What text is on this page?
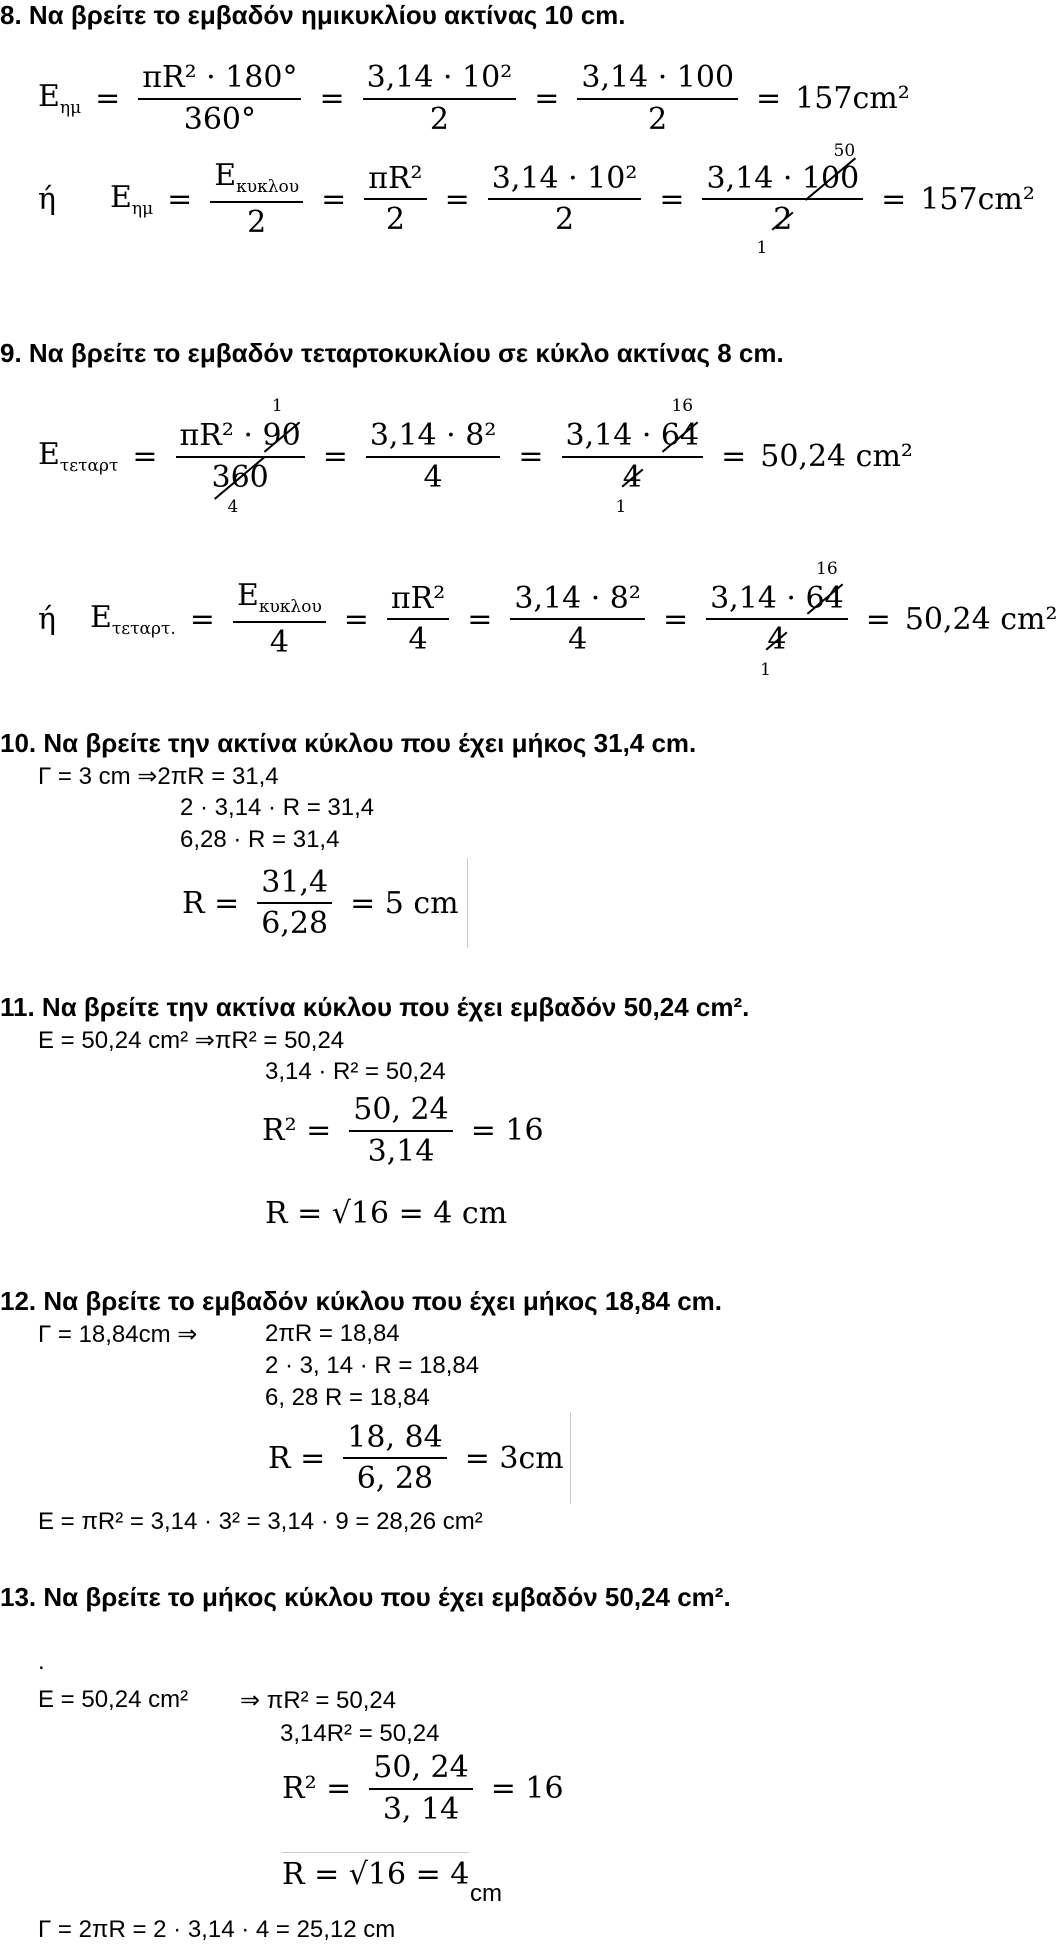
8. Να βρείτε το εμβαδόν ημικυκλίου ακτίνας 10 cm.
$E_{\eta\mu} = \frac{\text{πR² · 180°}}{360^\circ} = \frac{\text{3,14 · 10²}}{2} = \frac{3,14 \cdot 100}{2} = 157cm^2$
ή $E_{\eta\mu} = \frac{E_{\kappa\upsilon\kappa\lambda o\upsilon}}{2} = \frac{\text{πR²}}{2} = \frac{\text{3,14 · 10²}}{2}$ =
50
3,14 · 100
2
1
= 157cm²
9. Να βρείτε το εμβαδόν τεταρτοκυκλίου σε κύκλο ακτίνας 8 cm.
$E_{\tau\varepsilon\tau\alpha\rho\tau}$ =
1
πR² · 90
360
4
= $\frac{\text{3,14 · 8²}}{4}$ =
16
3,14 · 64
4
1
= 50,24 cm²
ή $E_{\tau\varepsilon\tau\alpha\rho\tau.} = \frac{E_{\kappa\upsilon\kappa\lambda o\upsilon}}{4} = \frac{\text{πR²}}{4} = \frac{\text{3,14 · 8²}}{4}$ =
16
3,14 · 64
4
1
= 50,24 cm²
10. Να βρείτε την ακτίνα κύκλου που έχει μήκος 31,4 cm.
Γ = 3 cm ⇒2πR = 31,4
2 · 3,14 · R = 31,4
6,28 · R = 31,4
$R = \frac{31,4}{6,28} = 5$ cm
11. Να βρείτε την ακτίνα κύκλου που έχει εμβαδόν 50,24 cm².
Ε = 50,24 cm² ⇒πR² = 50,24
3,14 · R² = 50,24
$R^2 = \frac{50, 24}{3,14} = 16$
R = √16 = 4 cm
12. Να βρείτε το εμβαδόν κύκλου που έχει μήκος 18,84 cm.
Γ = 18,84cm ⇒	2πR = 18,84
2 · 3, 14 · R = 18,84
6, 28 R = 18,84
$R = \frac{18, 84}{6, 28} = 3cm$
Ε = πR² = 3,14 · 3² = 3,14 · 9 = 28,26 cm²
13. Να βρείτε το μήκος κύκλου που έχει εμβαδόν 50,24 cm².
.
Ε = 50,24 cm² ⇒ πR² = 50,24
3,14R² = 50,24
$R^2 = \frac{50, 24}{3, 14} = 16$
R = √16 = 4
cm
Γ = 2πR = 2 · 3,14 · 4 = 25,12 cm
